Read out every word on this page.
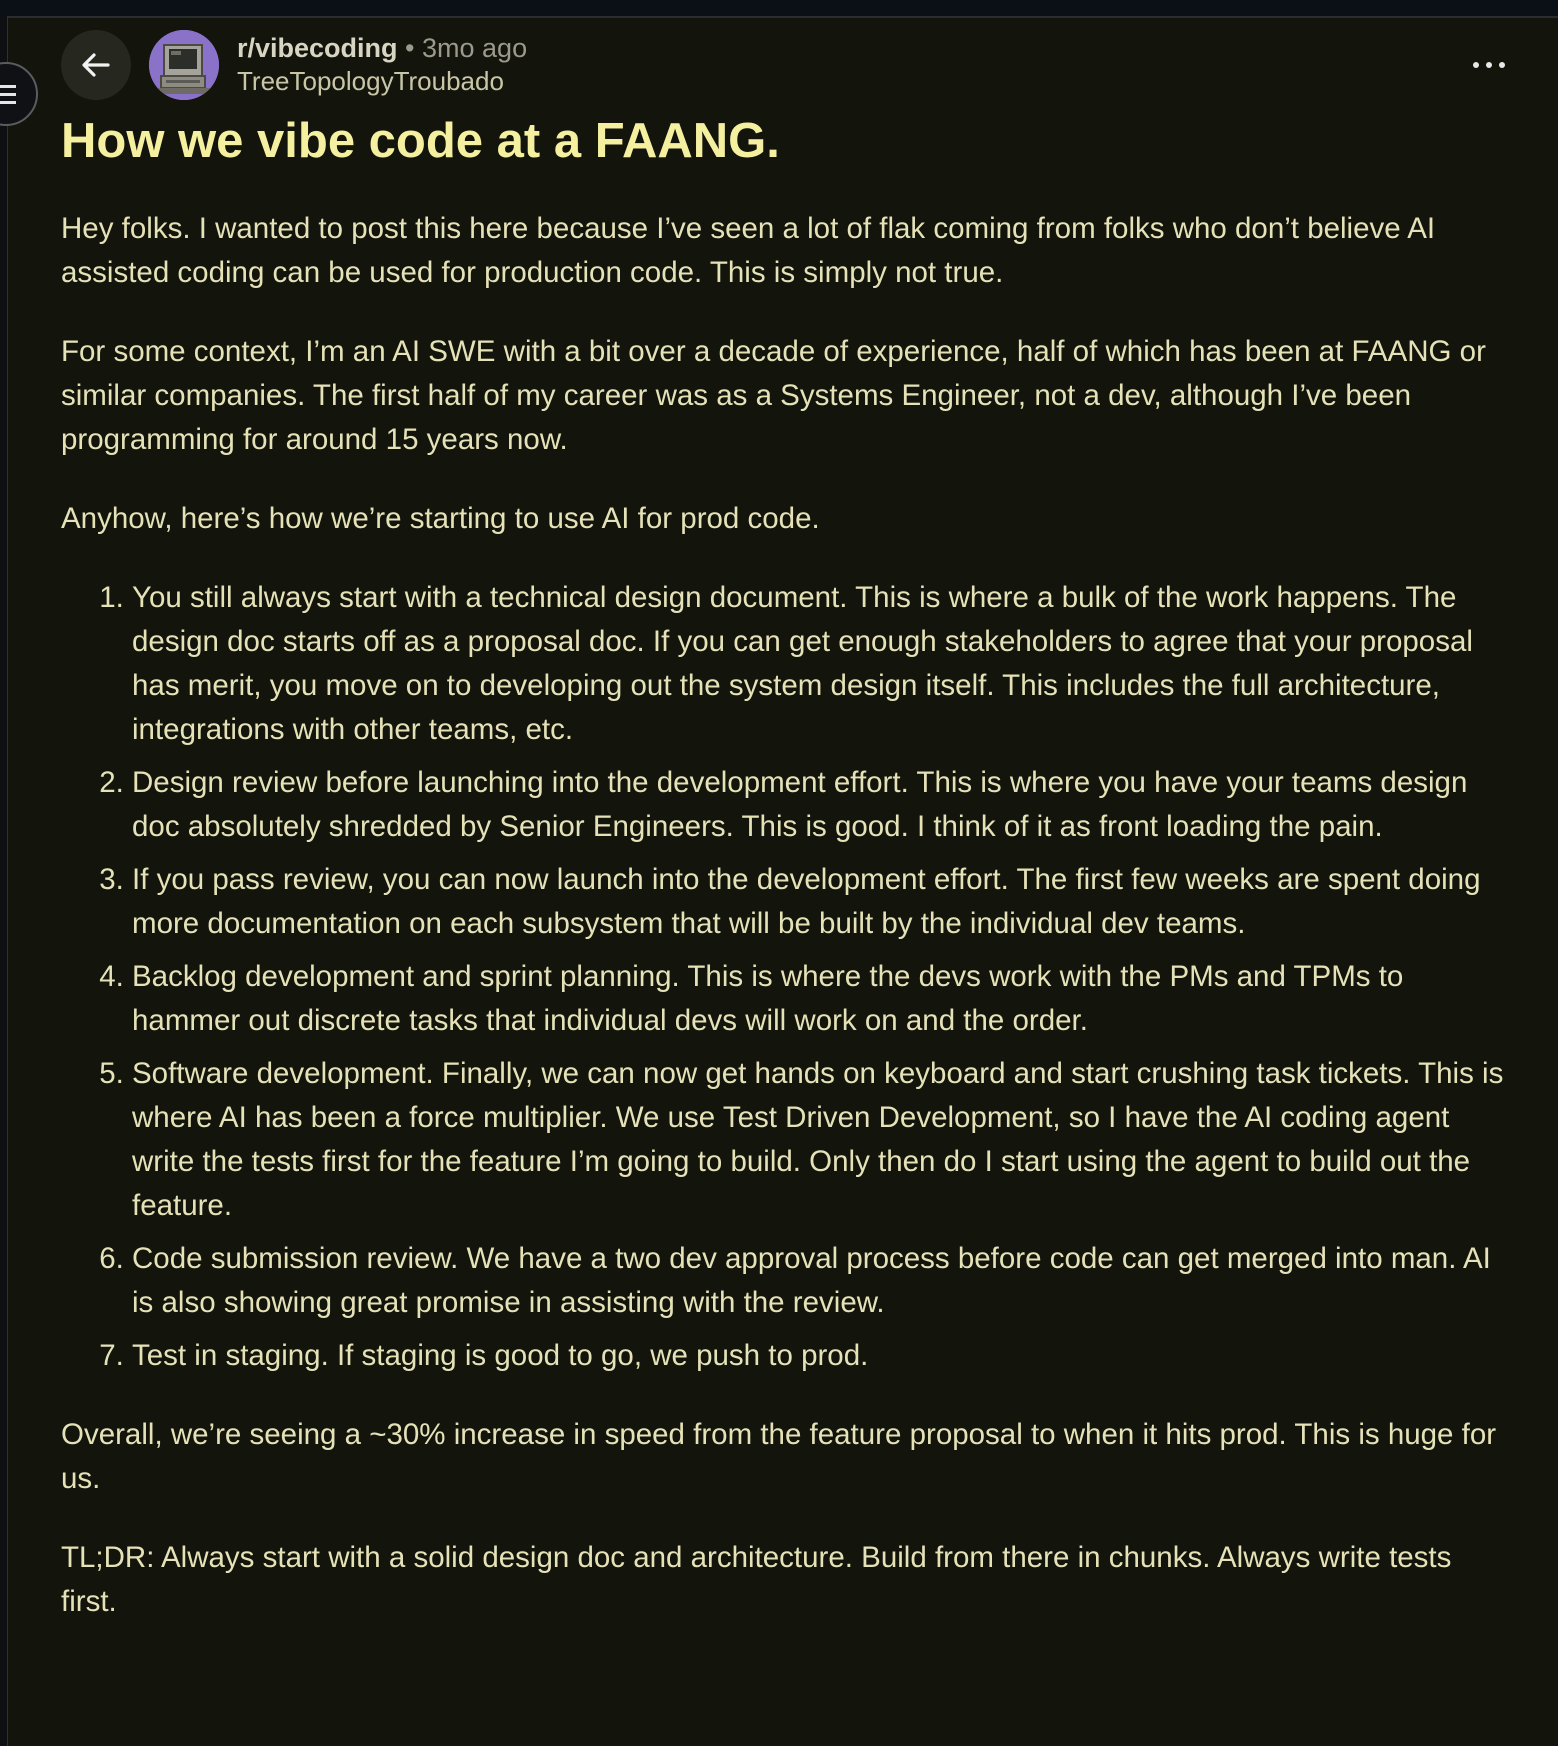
r/vibecoding • 3mo ago
TreeTopologyTroubado
How we vibe code at a FAANG.

Hey folks. I wanted to post this here because I’ve seen a lot of flak coming from folks who don’t believe AI assisted coding can be used for production code. This is simply not true.

For some context, I’m an AI SWE with a bit over a decade of experience, half of which has been at FAANG or similar companies. The first half of my career was as a Systems Engineer, not a dev, although I’ve been programming for around 15 years now.

Anyhow, here’s how we’re starting to use AI for prod code.

1. You still always start with a technical design document. This is where a bulk of the work happens. The design doc starts off as a proposal doc. If you can get enough stakeholders to agree that your proposal has merit, you move on to developing out the system design itself. This includes the full architecture, integrations with other teams, etc.
2. Design review before launching into the development effort. This is where you have your teams design doc absolutely shredded by Senior Engineers. This is good. I think of it as front loading the pain.
3. If you pass review, you can now launch into the development effort. The first few weeks are spent doing more documentation on each subsystem that will be built by the individual dev teams.
4. Backlog development and sprint planning. This is where the devs work with the PMs and TPMs to hammer out discrete tasks that individual devs will work on and the order.
5. Software development. Finally, we can now get hands on keyboard and start crushing task tickets. This is where AI has been a force multiplier. We use Test Driven Development, so I have the AI coding agent write the tests first for the feature I’m going to build. Only then do I start using the agent to build out the feature.
6. Code submission review. We have a two dev approval process before code can get merged into man. AI is also showing great promise in assisting with the review.
7. Test in staging. If staging is good to go, we push to prod.

Overall, we’re seeing a ~30% increase in speed from the feature proposal to when it hits prod. This is huge for us.

TL;DR: Always start with a solid design doc and architecture. Build from there in chunks. Always write tests first.
